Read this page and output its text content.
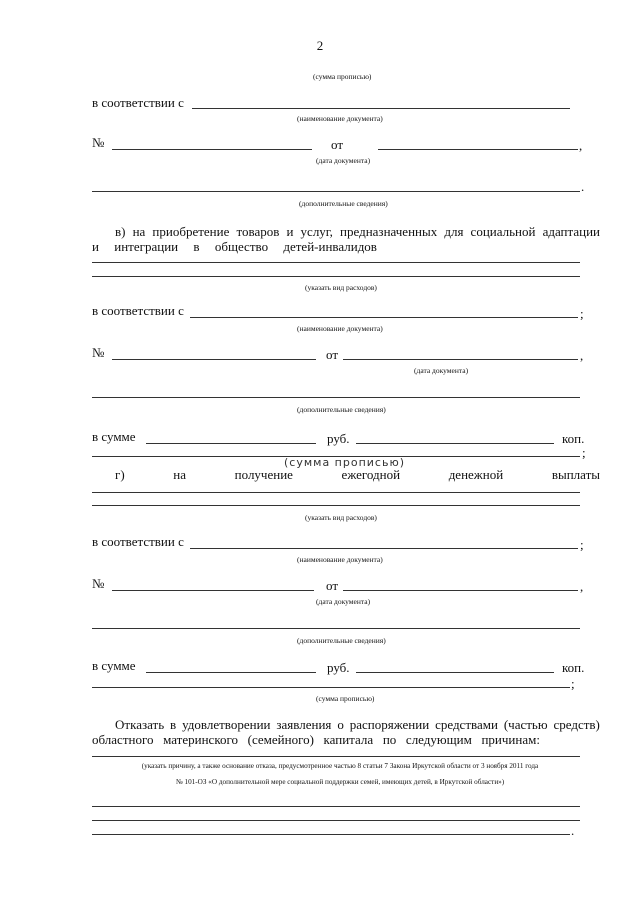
2
(сумма прописью)
в соответствии с
(наименование документа)
№	от	,
(дата документа)
.
(дополнительные сведения)
в) на приобретение товаров и услуг, предназначенных для социальной адаптации
и интеграции в общество детей-инвалидов
(указать вид расходов)
в соответствии с	;
(наименование документа)
№	от	,
(дата документа)
(дополнительные сведения)
в сумме	руб.	коп.
;
(сумма прописью)
г)	на	получение	ежегодной	денежной	выплаты
(указать вид расходов)
в соответствии с	;
(наименование документа)
№	от	,
(дата документа)
(дополнительные сведения)
в сумме	руб.	коп.
;
(сумма прописью)
Отказать в удовлетворении заявления о распоряжении средствами (частью средств)
областного материнского (семейного) капитала по следующим причинам:
(указать причину, а также основание отказа, предусмотренное частью 8 статьи 7 Закона Иркутской области от 3 ноября 2011 года
№ 101-ОЗ «О дополнительной мере социальной поддержки семей, имеющих детей, в Иркутской области»)
.
